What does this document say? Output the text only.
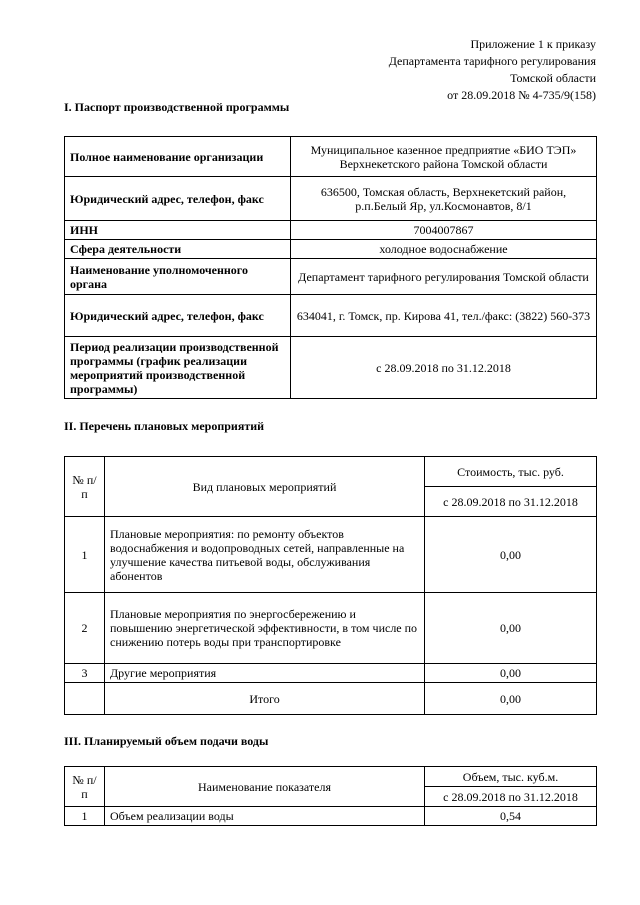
Приложение 1 к приказу
Департамента тарифного регулирования
Томской области
от 28.09.2018 № 4-735/9(158)
I. Паспорт производственной программы
Полное наименование организации	Муниципальное казенное предприятие «БИО ТЭП» Верхнекетского района Томской области
Юридический адрес, телефон, факс	636500, Томская область, Верхнекетский район, р.п.Белый Яр, ул.Космонавтов, 8/1
ИНН	7004007867
Сфера деятельности	холодное водоснабжение
Наименование уполномоченного органа	Департамент тарифного регулирования Томской области
Юридический адрес, телефон, факс	634041, г. Томск, пр. Кирова 41, тел./факс: (3822) 560-373
Период реализации производственной программы (график реализации мероприятий производственной программы)	с 28.09.2018 по 31.12.2018
II. Перечень плановых мероприятий
№ п/п	Вид плановых мероприятий	Стоимость, тыс. руб.
		с 28.09.2018 по 31.12.2018
1	Плановые мероприятия: по ремонту объектов водоснабжения и водопроводных сетей, направленные на улучшение качества питьевой воды, обслуживания абонентов	0,00
2	Плановые мероприятия по энергосбережению и повышению энергетической эффективности, в том числе по снижению потерь воды при транспортировке	0,00
3	Другие мероприятия	0,00
	Итого	0,00
III. Планируемый объем подачи воды
№ п/п	Наименование показателя	Объем, тыс. куб.м.
		с 28.09.2018 по 31.12.2018
1	Объем реализации воды	0,54
